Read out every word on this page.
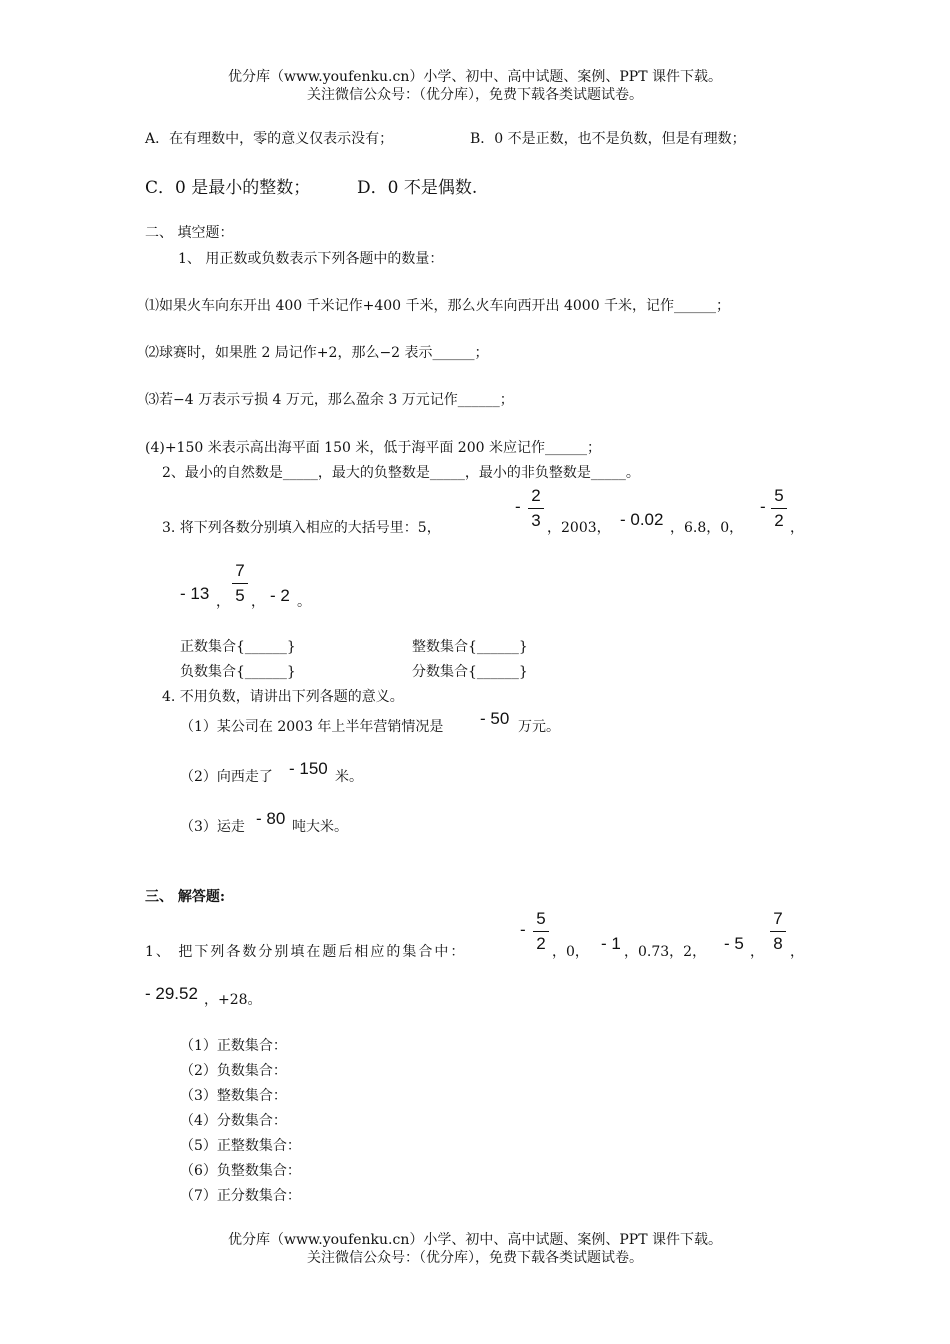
优分库（www.youfenku.cn）小学、初中、高中试题、案例、PPT 课件下载。
关注微信公众号：（优分库），免费下载各类试题试卷。
A．在有理数中，零的意义仅表示没有；	B．0 不是正数，也不是负数，但是有理数；
C．0 是最小的整数；	D．0 不是偶数.
二、 填空题：
1、 用正数或负数表示下列各题中的数量：
⑴如果火车向东开出 400 千米记作+400 千米，那么火车向西开出 4000 千米，记作______；
⑵球赛时，如果胜 2 局记作+2，那么−2 表示______；
⑶若−4 万表示亏损 4 万元，那么盈余 3 万元记作______；
(4)+150 米表示高出海平面 150 米，低于海平面 200 米应记作______；
2、最小的自然数是_____，最大的负整数是_____，最小的非负整数是_____。
3. 将下列各数分别填入相应的大括号里：5，
-
2
3 ，2003， - 0.02 ，6.8，0，
-
5
2 ，
- 13 ，
7
5 ， - 2 。
正数集合{______}	整数集合{______}
负数集合{______}	分数集合{______}
4. 不用负数，请讲出下列各题的意义。
（1）某公司在 2003 年上半年营销情况是 - 50 万元。
（2）向西走了 - 150 米。
（3）运走 - 80 吨大米。
三、 解答题:
1、 把下列各数分别填在题后相应的集合中：
-
5
2 ，0， - 1 ，0.73，2， - 5 ，
7
8 ，
- 29.52 ，+28。
（1）正数集合：
（2）负数集合：
（3）整数集合：
（4）分数集合：
（5）正整数集合：
（6）负整数集合：
（7）正分数集合：
优分库（www.youfenku.cn）小学、初中、高中试题、案例、PPT 课件下载。
关注微信公众号：（优分库），免费下载各类试题试卷。
